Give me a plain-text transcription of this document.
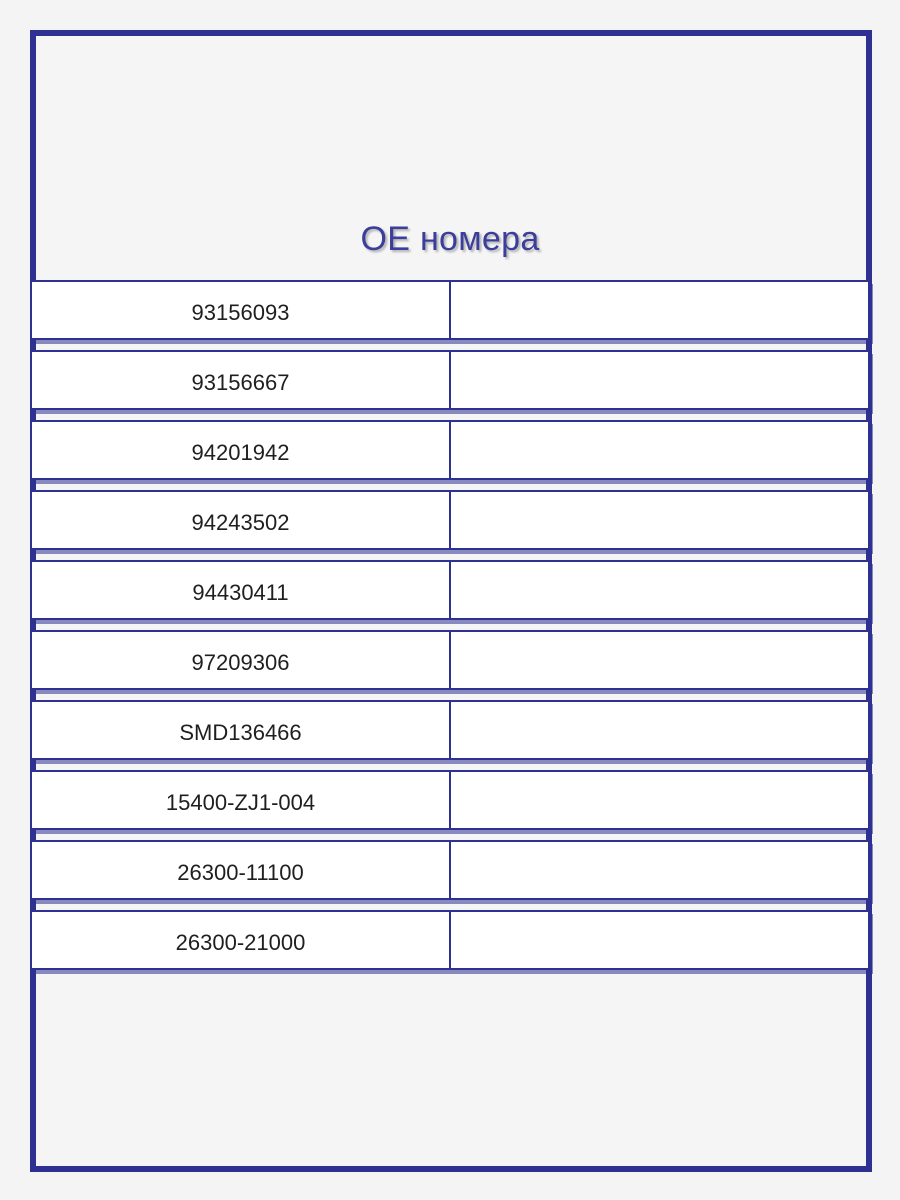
OE номера
93156093
93156667
94201942
94243502
94430411
97209306
SMD136466
15400-ZJ1-004
26300-11100
26300-21000
